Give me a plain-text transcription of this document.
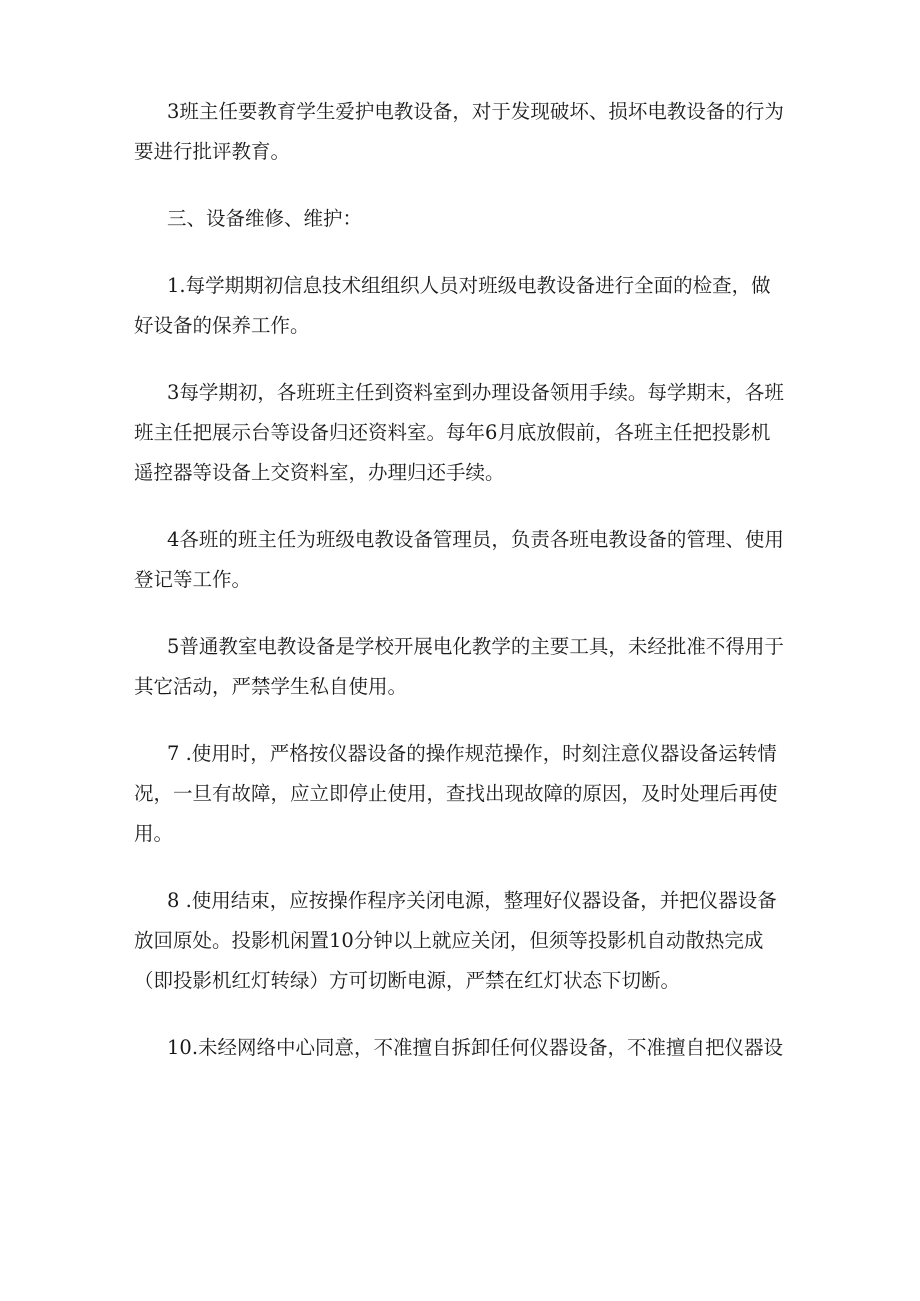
3班主任要教育学生爱护电教设备，对于发现破坏、损坏电教设备的行为
要进行批评教育。
三、设备维修、维护：
1.每学期期初信息技术组组织人员对班级电教设备进行全面的检查，做
好设备的保养工作。
3每学期初，各班班主任到资料室到办理设备领用手续。每学期末，各班
班主任把展示台等设备归还资料室。每年6月底放假前，各班主任把投影机
遥控器等设备上交资料室，办理归还手续。
4各班的班主任为班级电教设备管理员，负责各班电教设备的管理、使用
登记等工作。
5普通教室电教设备是学校开展电化教学的主要工具，未经批准不得用于
其它活动，严禁学生私自使用。
7 .使用时，严格按仪器设备的操作规范操作，时刻注意仪器设备运转情
况，一旦有故障，应立即停止使用，查找出现故障的原因，及时处理后再使
用。
8 .使用结束，应按操作程序关闭电源，整理好仪器设备，并把仪器设备
放回原处。投影机闲置10分钟以上就应关闭，但须等投影机自动散热完成
（即投影机红灯转绿）方可切断电源，严禁在红灯状态下切断。
10.未经网络中心同意，不准擅自拆卸任何仪器设备，不准擅自把仪器设
